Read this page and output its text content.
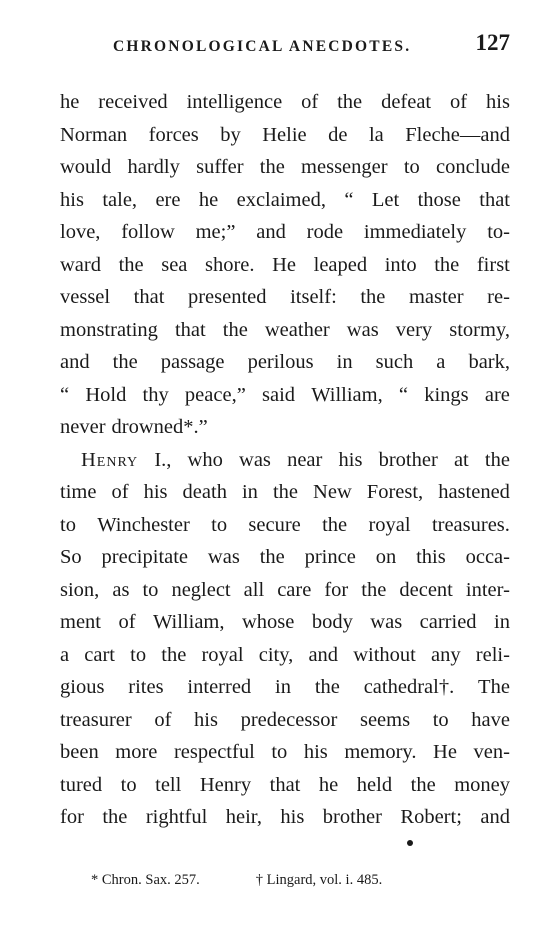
CHRONOLOGICAL ANECDOTES.	127
he received intelligence of the defeat of his
Norman forces by Helie de la Fleche—and
would hardly suffer the messenger to conclude
his tale, ere he exclaimed, “ Let those that
love, follow me;” and rode immediately to-
ward the sea shore. He leaped into the first
vessel that presented itself: the master re-
monstrating that the weather was very stormy,
and the passage perilous in such a bark,
“ Hold thy peace,” said William, “ kings are
never drowned*.”
Henry I., who was near his brother at the
time of his death in the New Forest, hastened
to Winchester to secure the royal treasures.
So precipitate was the prince on this occa-
sion, as to neglect all care for the decent inter-
ment of William, whose body was carried in
a cart to the royal city, and without any reli-
gious rites interred in the cathedral†. The
treasurer of his predecessor seems to have
been more respectful to his memory. He ven-
tured to tell Henry that he held the money
for the rightful heir, his brother Robert; and
* Chron. Sax. 257.	† Lingard, vol. i. 485.
